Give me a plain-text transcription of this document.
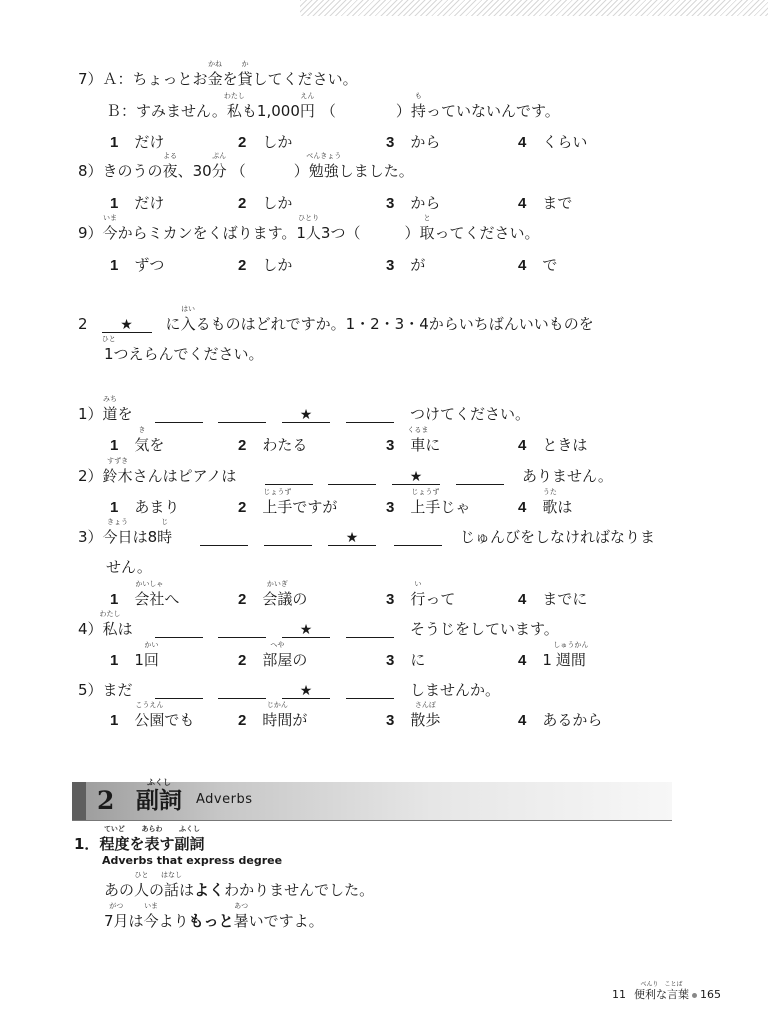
7）Ａ：ちょっとお
かね
金を
か
貸してください。
Ｂ：すみません。
わたし
私も1,000
えん
円 （	）
も
持っていないんです。
1 だけ	2 しか	3 から	4 くらい
8）きのうの
よる
夜、30
ぷん
分 （	）
べんきょう
勉強しました。
1 だけ	2 しか	3 から	4 まで
9）
いま
今からミカンをくばります。
ひとり
1人3つ（	）
と
取ってください。
1 ずつ	2 しか	3 が	4 で
2 ★ に
はい
入るものはどれですか。1・2・3・4からいちばんいいものを
ひと
1つえらんでください。
1）
みち
道を	★	つけてください。
1
き
気を	2 わたる	3
くるま
車に	4 ときは
2）
すずき
鈴木さんはピアノは	★	ありません。
1 あまり	2
じょうず
上手ですが	3
じょうず
上手じゃ	4
うた
歌は
3）
きょう
今日は8
じ
時	★	じゅんびをしなければなりま
せん。
1
かいしゃ
会社へ	2
かいぎ
会議の	3
い
行って	4 までに
4）
わたし
私は	★	そうじをしています。
1 1
かい
回	2
へや
部屋の	3 に	4 1
しゅうかん
週間
5）まだ	★	しませんか。
1
こうえん
公園でも	2
じかん
時間が	3
さんぽ
散歩	4 あるから
2
ふくし
副詞 Adverbs
1．
ていど
程度を
あらわ
表す
ふくし
副詞
Adverbs that express degree
あの
ひと
人の
はなし
話はよくわかりませんでした。
がつ
7月は
いま
今よりもっと
あつ
暑いですよ。
11
べんり　ことば
便利な言葉 165
